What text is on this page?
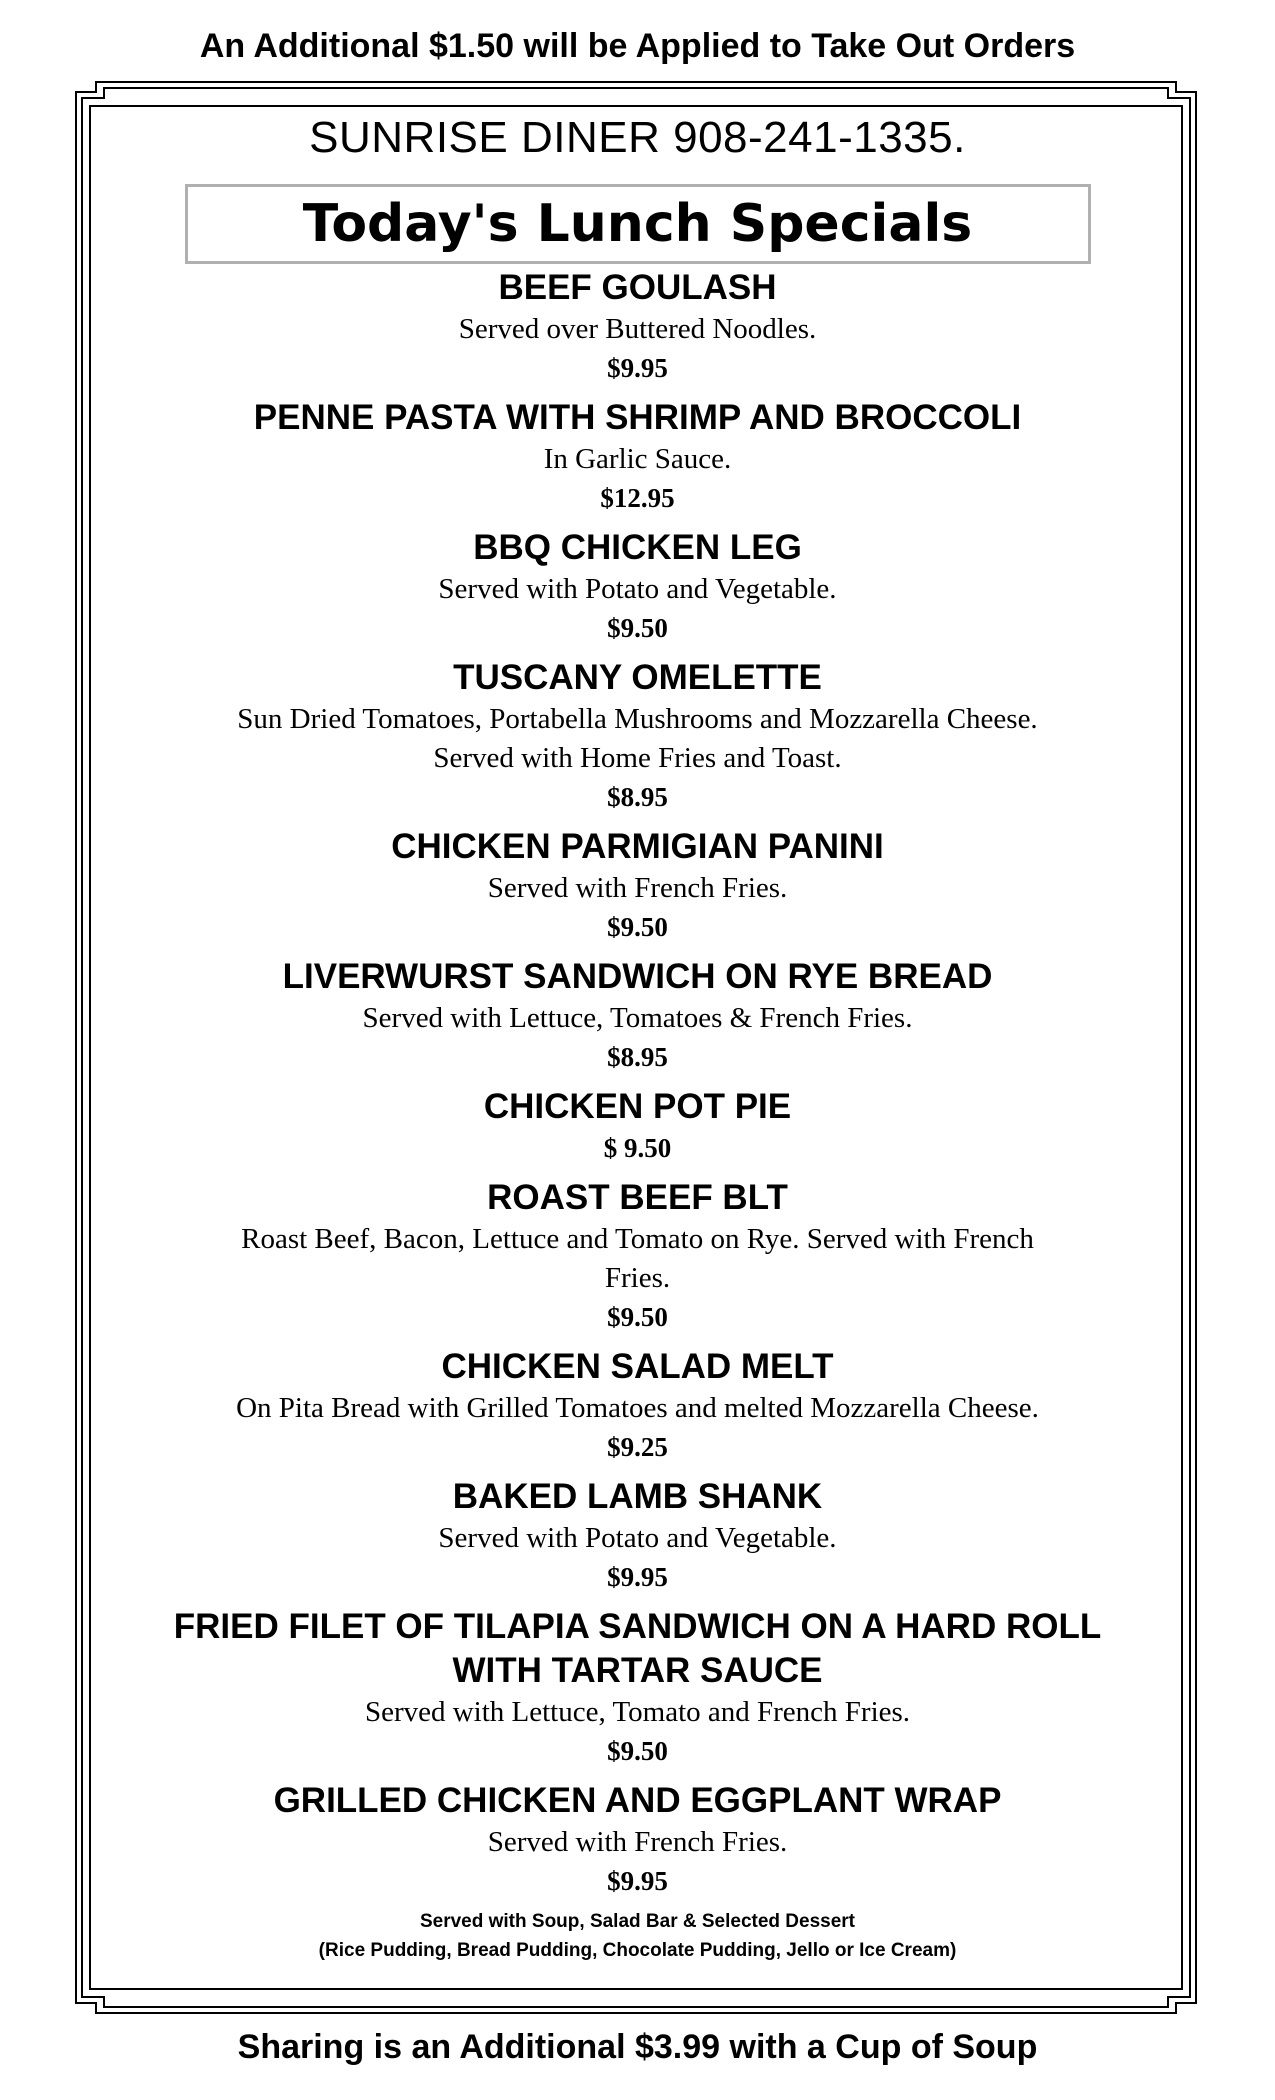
An Additional $1.50 will be Applied to Take Out Orders
SUNRISE DINER 908-241-1335.
Today's Lunch Specials
BEEF GOULASH
Served over Buttered Noodles.
$9.95
PENNE PASTA WITH SHRIMP AND BROCCOLI
In Garlic Sauce.
$12.95
BBQ CHICKEN LEG
Served with Potato and Vegetable.
$9.50
TUSCANY OMELETTE
Sun Dried Tomatoes, Portabella Mushrooms and Mozzarella Cheese. Served with Home Fries and Toast.
$8.95
CHICKEN PARMIGIAN PANINI
Served with French Fries.
$9.50
LIVERWURST SANDWICH ON RYE BREAD
Served with Lettuce, Tomatoes & French Fries.
$8.95
CHICKEN POT PIE
$ 9.50
ROAST BEEF BLT
Roast Beef, Bacon, Lettuce and Tomato on Rye. Served with French Fries.
$9.50
CHICKEN SALAD MELT
On Pita Bread with Grilled Tomatoes and melted Mozzarella Cheese.
$9.25
BAKED LAMB SHANK
Served with Potato and Vegetable.
$9.95
FRIED FILET OF TILAPIA SANDWICH ON A HARD ROLL WITH TARTAR SAUCE
Served with Lettuce, Tomato and French Fries.
$9.50
GRILLED CHICKEN AND EGGPLANT WRAP
Served with French Fries.
$9.95
Served with Soup, Salad Bar & Selected Dessert
(Rice Pudding, Bread Pudding, Chocolate Pudding, Jello or Ice Cream)
Sharing is an Additional $3.99 with a Cup of Soup
